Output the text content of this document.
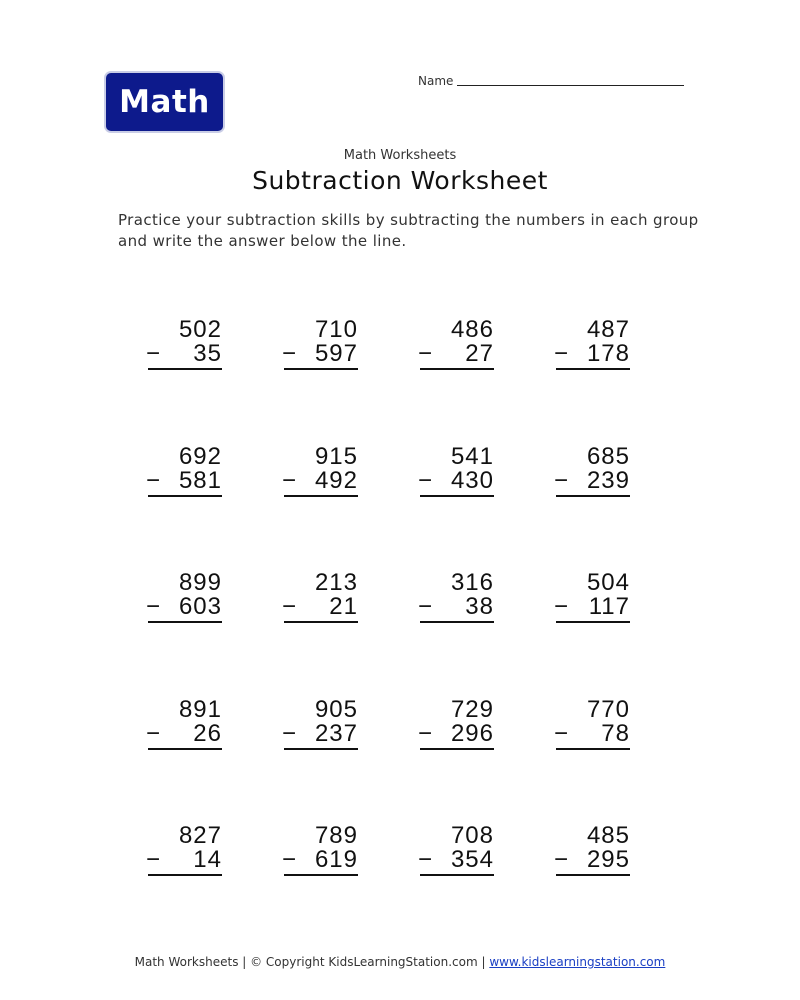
Math
Name
Math Worksheets
Subtraction Worksheet
Practice your subtraction skills by subtracting the numbers in each group and write the answer below the line.
502
− 35
710
− 597
486
− 27
487
− 178
692
− 581
915
− 492
541
− 430
685
− 239
899
− 603
213
− 21
316
− 38
504
− 117
891
− 26
905
− 237
729
− 296
770
− 78
827
− 14
789
− 619
708
− 354
485
− 295
Math Worksheets | © Copyright KidsLearningStation.com | www.kidslearningstation.com
